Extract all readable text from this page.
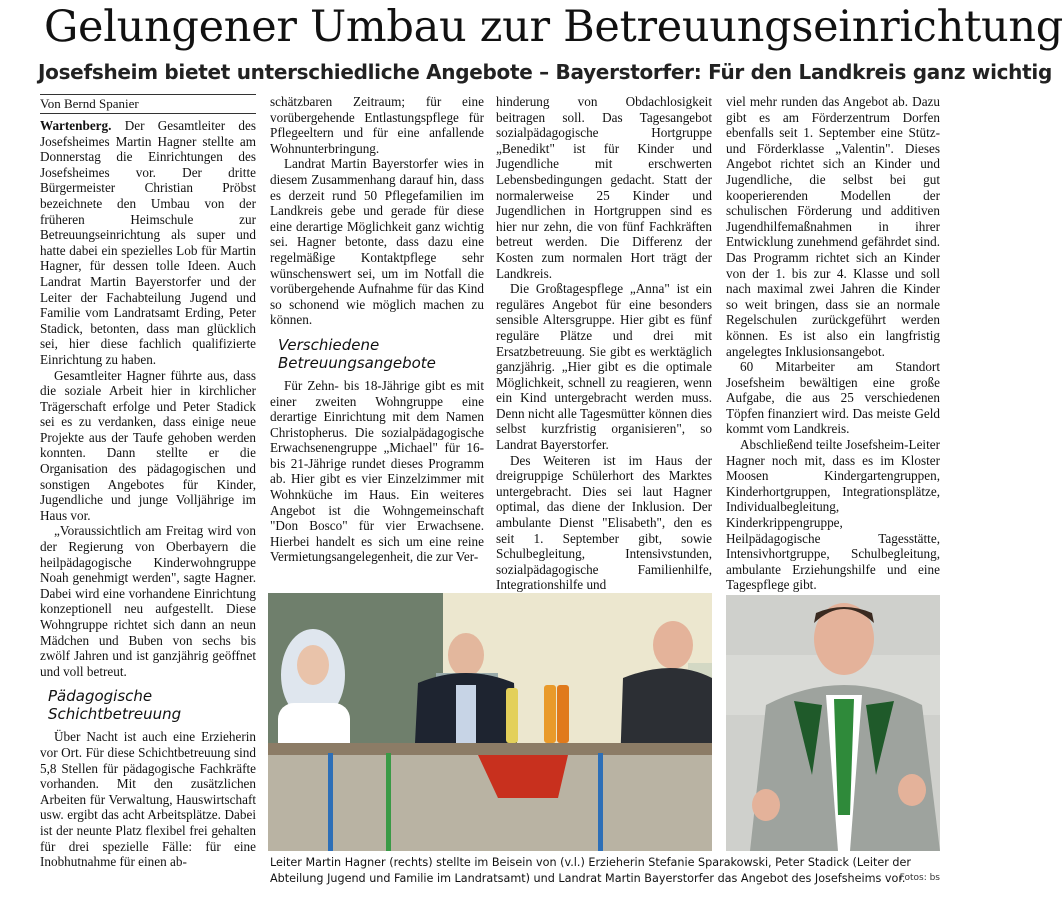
Gelungener Umbau zur Betreuungseinrichtung
Josefsheim bietet unterschiedliche Angebote – Bayerstorfer: Für den Landkreis ganz wichtig
Von Bernd Spanier

Wartenberg. Der Gesamtleiter des Josefsheimes Martin Hagner stellte am Donnerstag die Einrichtungen des Josefsheimes vor. Der dritte Bürgermeister Christian Pröbst bezeichnete den Umbau von der früheren Heimschule zur Betreuungseinrichtung als super und hatte dabei ein spezielles Lob für Martin Hagner, für dessen tolle Ideen. Auch Landrat Martin Bayerstorfer und der Leiter der Fachabteilung Jugend und Familie vom Landratsamt Erding, Peter Stadick, betonten, dass man glücklich sei, hier diese fachlich qualifizierte Einrichtung zu haben.

Gesamtleiter Hagner führte aus, dass die soziale Arbeit hier in kirchlicher Trägerschaft erfolge und Peter Stadick sei es zu verdanken, dass einige neue Projekte aus der Taufe gehoben werden konnten. Dann stellte er die Organisation des pädagogischen und sonstigen Angebotes für Kinder, Jugendliche und junge Volljährige im Haus vor.

„Voraussichtlich am Freitag wird von der Regierung von Oberbayern die heilpädagogische Kinderwohngruppe Noah genehmigt werden", sagte Hagner. Dabei wird eine vorhandene Einrichtung konzeptionell neu aufgestellt. Diese Wohngruppe richtet sich dann an neun Mädchen und Buben von sechs bis zwölf Jahren und ist ganzjährig geöffnet und voll betreut.

Pädagogische Schichtbetreuung

Über Nacht ist auch eine Erzieherin vor Ort. Für diese Schichtbetreuung sind 5,8 Stellen für pädagogische Fachkräfte vorhanden. Mit den zusätzlichen Arbeiten für Verwaltung, Hauswirtschaft usw. ergibt das acht Arbeitsplätze. Dabei ist der neunte Platz flexibel frei gehalten für drei spezielle Fälle: für eine Inobhutnahme für einen ab-

schätzbaren Zeitraum; für eine vorübergehende Entlastungspflege für Pflegeeltern und für eine anfallende Wohnunterbringung.

Landrat Martin Bayerstorfer wies in diesem Zusammenhang darauf hin, dass es derzeit rund 50 Pflegefamilien im Landkreis gebe und gerade für diese eine derartige Möglichkeit ganz wichtig sei. Hagner betonte, dass dazu eine regelmäßige Kontaktpflege sehr wünschenswert sei, um im Notfall die vorübergehende Aufnahme für das Kind so schonend wie möglich machen zu können.

Verschiedene Betreuungsangebote

Für Zehn- bis 18-Jährige gibt es mit einer zweiten Wohngruppe eine derartige Einrichtung mit dem Namen Christopherus. Die sozialpädagogische Erwachsenengruppe „Michael" für 16- bis 21-Jährige rundet dieses Programm ab. Hier gibt es vier Einzelzimmer mit Wohnküche im Haus. Ein weiteres Angebot ist die Wohngemeinschaft "Don Bosco" für vier Erwachsene. Hierbei handelt es sich um eine reine Vermietungsangelegenheit, die zur Ver-

hinderung von Obdachlosigkeit beitragen soll. Das Tagesangebot sozialpädagogische Hortgruppe „Benedikt" ist für Kinder und Jugendliche mit erschwerten Lebensbedingungen gedacht. Statt der normalerweise 25 Kinder und Jugendlichen in Hortgruppen sind es hier nur zehn, die von fünf Fachkräften betreut werden. Die Differenz der Kosten zum normalen Hort trägt der Landkreis.

Die Großtagespflege „Anna" ist ein reguläres Angebot für eine besonders sensible Altersgruppe. Hier gibt es fünf reguläre Plätze und drei mit Ersatzbetreuung. Sie gibt es werktäglich ganzjährig. „Hier gibt es die optimale Möglichkeit, schnell zu reagieren, wenn ein Kind untergebracht werden muss. Denn nicht alle Tagesmütter können dies selbst kurzfristig organisieren", so Landrat Bayerstorfer.

Des Weiteren ist im Haus der dreigruppige Schülerhort des Marktes untergebracht. Dies sei laut Hagner optimal, das diene der Inklusion. Der ambulante Dienst "Elisabeth", den es seit 1. September gibt, sowie Schulbegleitung, Intensivstunden, sozialpädagogische Familienhilfe, Integrationshilfe und

viel mehr runden das Angebot ab. Dazu gibt es am Förderzentrum Dorfen ebenfalls seit 1. September eine Stütz- und Förderklasse „Valentin". Dieses Angebot richtet sich an Kinder und Jugendliche, die selbst bei gut kooperierenden Modellen der schulischen Förderung und additiven Jugendhilfemaßnahmen in ihrer Entwicklung zunehmend gefährdet sind. Das Programm richtet sich an Kinder von der 1. bis zur 4. Klasse und soll nach maximal zwei Jahren die Kinder so weit bringen, dass sie an normale Regelschulen zurückgeführt werden können. Es ist also ein langfristig angelegtes Inklusionsangebot.

60 Mitarbeiter am Standort Josefsheim bewältigen eine große Aufgabe, die aus 25 verschiedenen Töpfen finanziert wird. Das meiste Geld kommt vom Landkreis.

Abschließend teilte Josefsheim-Leiter Hagner noch mit, dass es im Kloster Moosen Kindergartengruppen, Kinderhortgruppen, Integrationsplätze, Individualbegleitung, Kinderkrippengruppe, Heilpädagogische Tagesstätte, Intensivhortgruppe, Schulbegleitung, ambulante Erziehungshilfe und eine Tagespflege gibt.

Leiter Martin Hagner (rechts) stellte im Beisein von (v.l.) Erzieherin Stefanie Sparakowski, Peter Stadick (Leiter der Abteilung Jugend und Familie im Landratsamt) und Landrat Martin Bayerstorfer das Angebot des Josefsheims vor.
Fotos: bs
